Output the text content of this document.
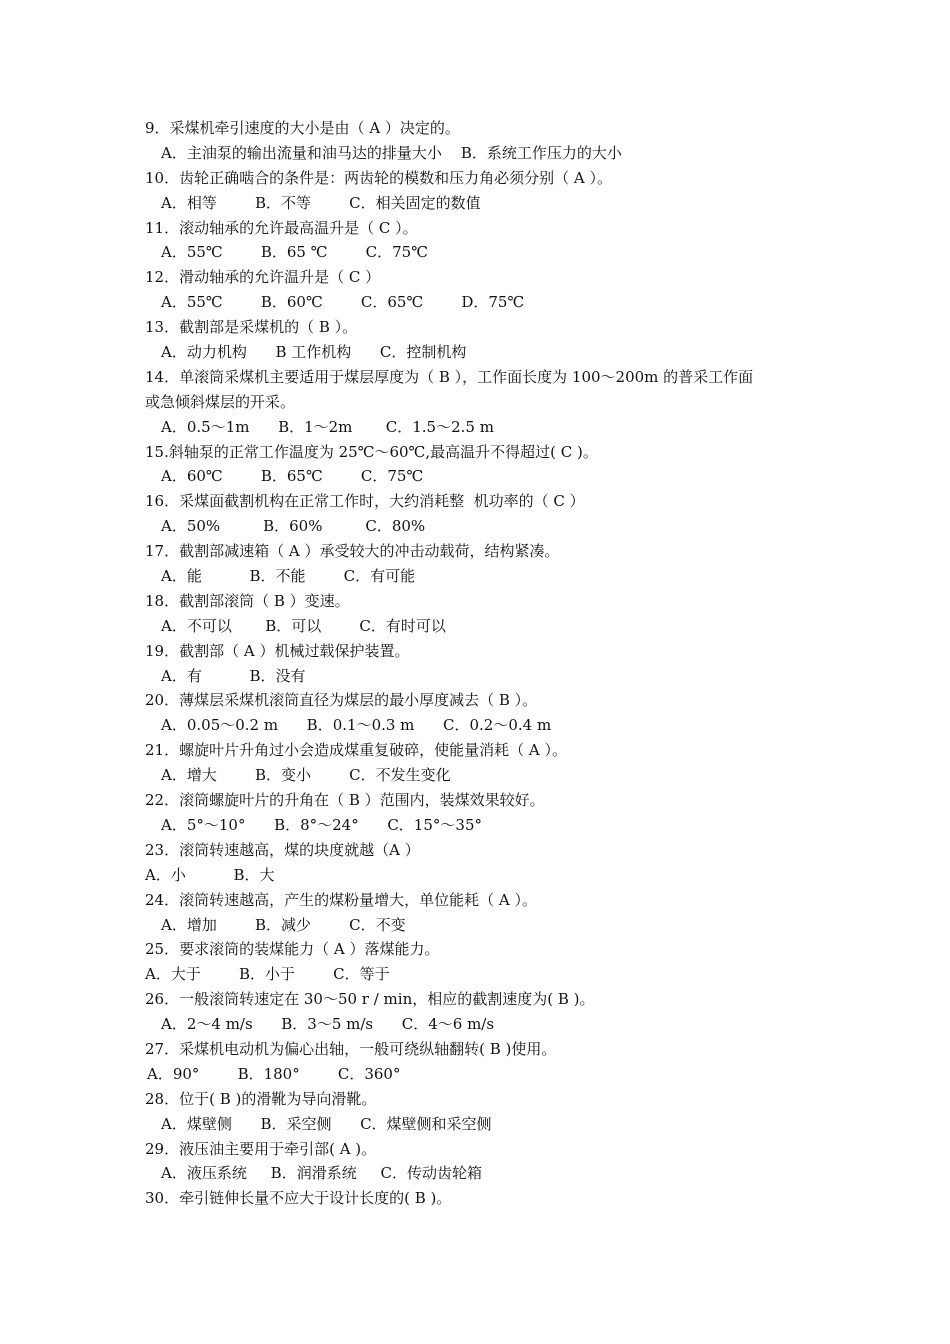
9．采煤机牵引速度的大小是由（ A ）决定的。
A．主油泵的输出流量和油马达的排量大小    B．系统工作压力的大小
10．齿轮正确啮合的条件是：两齿轮的模数和压力角必须分别（ A ）。
A．相等        B．不等        C．相关固定的数值
11．滚动轴承的允许最高温升是（ C ）。
A．55℃        B．65 ℃        C．75℃
12．滑动轴承的允许温升是（ C ）
A．55℃        B．60℃        C．65℃        D．75℃
13．截割部是采煤机的（ B ）。
A．动力机构      B 工作机构      C．控制机构
14．单滚筒采煤机主要适用于煤层厚度为（ B ），工作面长度为 100～200m 的普采工作面
或急倾斜煤层的开采。
A．0.5～1m      B．1～2m       C．1.5～2.5 m
15.斜轴泵的正常工作温度为 25℃～60℃,最高温升不得超过( C )。
A．60℃        B．65℃        C．75℃
16．采煤面截割机构在正常工作时，大约消耗整  机功率的（ C ）
A．50%         B．60%         C．80%
17．截割部减速箱（ A ）承受较大的冲击动载荷，结构紧凑。
A．能          B．不能        C．有可能
18．截割部滚筒（ B ）变速。
A．不可以       B．可以        C．有时可以
19．截割部（ A ）机械过载保护装置。
A．有          B．没有
20．薄煤层采煤机滚筒直径为煤层的最小厚度减去（ B ）。
A．0.05～0.2 m      B．0.1～0.3 m      C．0.2～0.4 m
21．螺旋叶片升角过小会造成煤重复破碎，使能量消耗（ A ）。
A．增大        B．变小        C．不发生变化
22．滚筒螺旋叶片的升角在（ B ）范围内，装煤效果较好。
A．5°～10°      B．8°～24°      C．15°～35°
23．滚筒转速越高，煤的块度就越（A ）
A．小          B．大
24．滚筒转速越高，产生的煤粉量增大，单位能耗（ A ）。
A．增加        B．减少        C．不变
25．要求滚筒的装煤能力（ A ）落煤能力。
A．大于        B．小于        C．等于
26．一般滚筒转速定在 30～50 r / min，相应的截割速度为( B )。
A．2～4 m/s      B．3～5 m/s      C．4～6 m/s
27．采煤机电动机为偏心出轴，一般可绕纵轴翻转( B )使用。
A．90°        B．180°        C．360°
28．位于( B )的滑靴为导向滑靴。
A．煤壁侧      B．采空侧      C．煤壁侧和采空侧
29．液压油主要用于牵引部( A )。
A．液压系统     B．润滑系统     C．传动齿轮箱
30．牵引链伸长量不应大于设计长度的( B )。
